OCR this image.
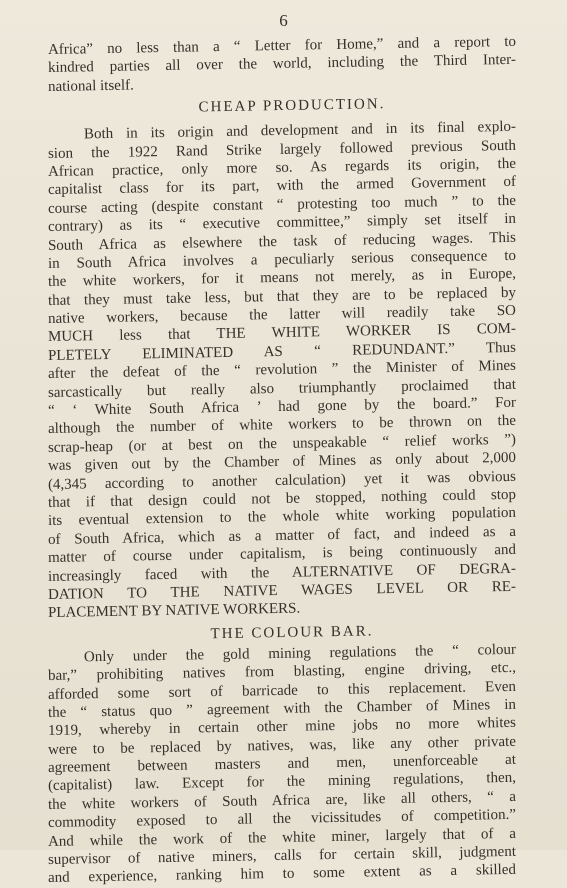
6
Africa” no less than a “ Letter for Home,” and a report to
kindred parties all over the world, including the Third Inter-
national itself.
CHEAP PRODUCTION.
Both in its origin and development and in its final explo-
sion the 1922 Rand Strike largely followed previous South
African practice, only more so. As regards its origin, the
capitalist class for its part, with the armed Government of
course acting (despite constant “ protesting too much ” to the
contrary) as its “ executive committee,” simply set itself in
South Africa as elsewhere the task of reducing wages. This
in South Africa involves a peculiarly serious consequence to
the white workers, for it means not merely, as in Europe,
that they must take less, but that they are to be replaced by
native workers, because the latter will readily take SO
MUCH less that THE WHITE WORKER IS COM-
PLETELY ELIMINATED AS “ REDUNDANT.” Thus
after the defeat of the “ revolution ” the Minister of Mines
sarcastically but really also triumphantly proclaimed that
“ ‘ White South Africa ’ had gone by the board.” For
although the number of white workers to be thrown on the
scrap-heap (or at best on the unspeakable “ relief works ”)
was given out by the Chamber of Mines as only about 2,000
(4,345 according to another calculation) yet it was obvious
that if that design could not be stopped, nothing could stop
its eventual extension to the whole white working population
of South Africa, which as a matter of fact, and indeed as a
matter of course under capitalism, is being continuously and
increasingly faced with the ALTERNATIVE OF DEGRA-
DATION TO THE NATIVE WAGES LEVEL OR RE-
PLACEMENT BY NATIVE WORKERS.
THE COLOUR BAR.
Only under the gold mining regulations the “ colour
bar,” prohibiting natives from blasting, engine driving, etc.,
afforded some sort of barricade to this replacement. Even
the “ status quo ” agreement with the Chamber of Mines in
1919, whereby in certain other mine jobs no more whites
were to be replaced by natives, was, like any other private
agreement between masters and men, unenforceable at
(capitalist) law. Except for the mining regulations, then,
the white workers of South Africa are, like all others, “ a
commodity exposed to all the vicissitudes of competition.”
And while the work of the white miner, largely that of a
supervisor of native miners, calls for certain skill, judgment
and experience, ranking him to some extent as a skilled
